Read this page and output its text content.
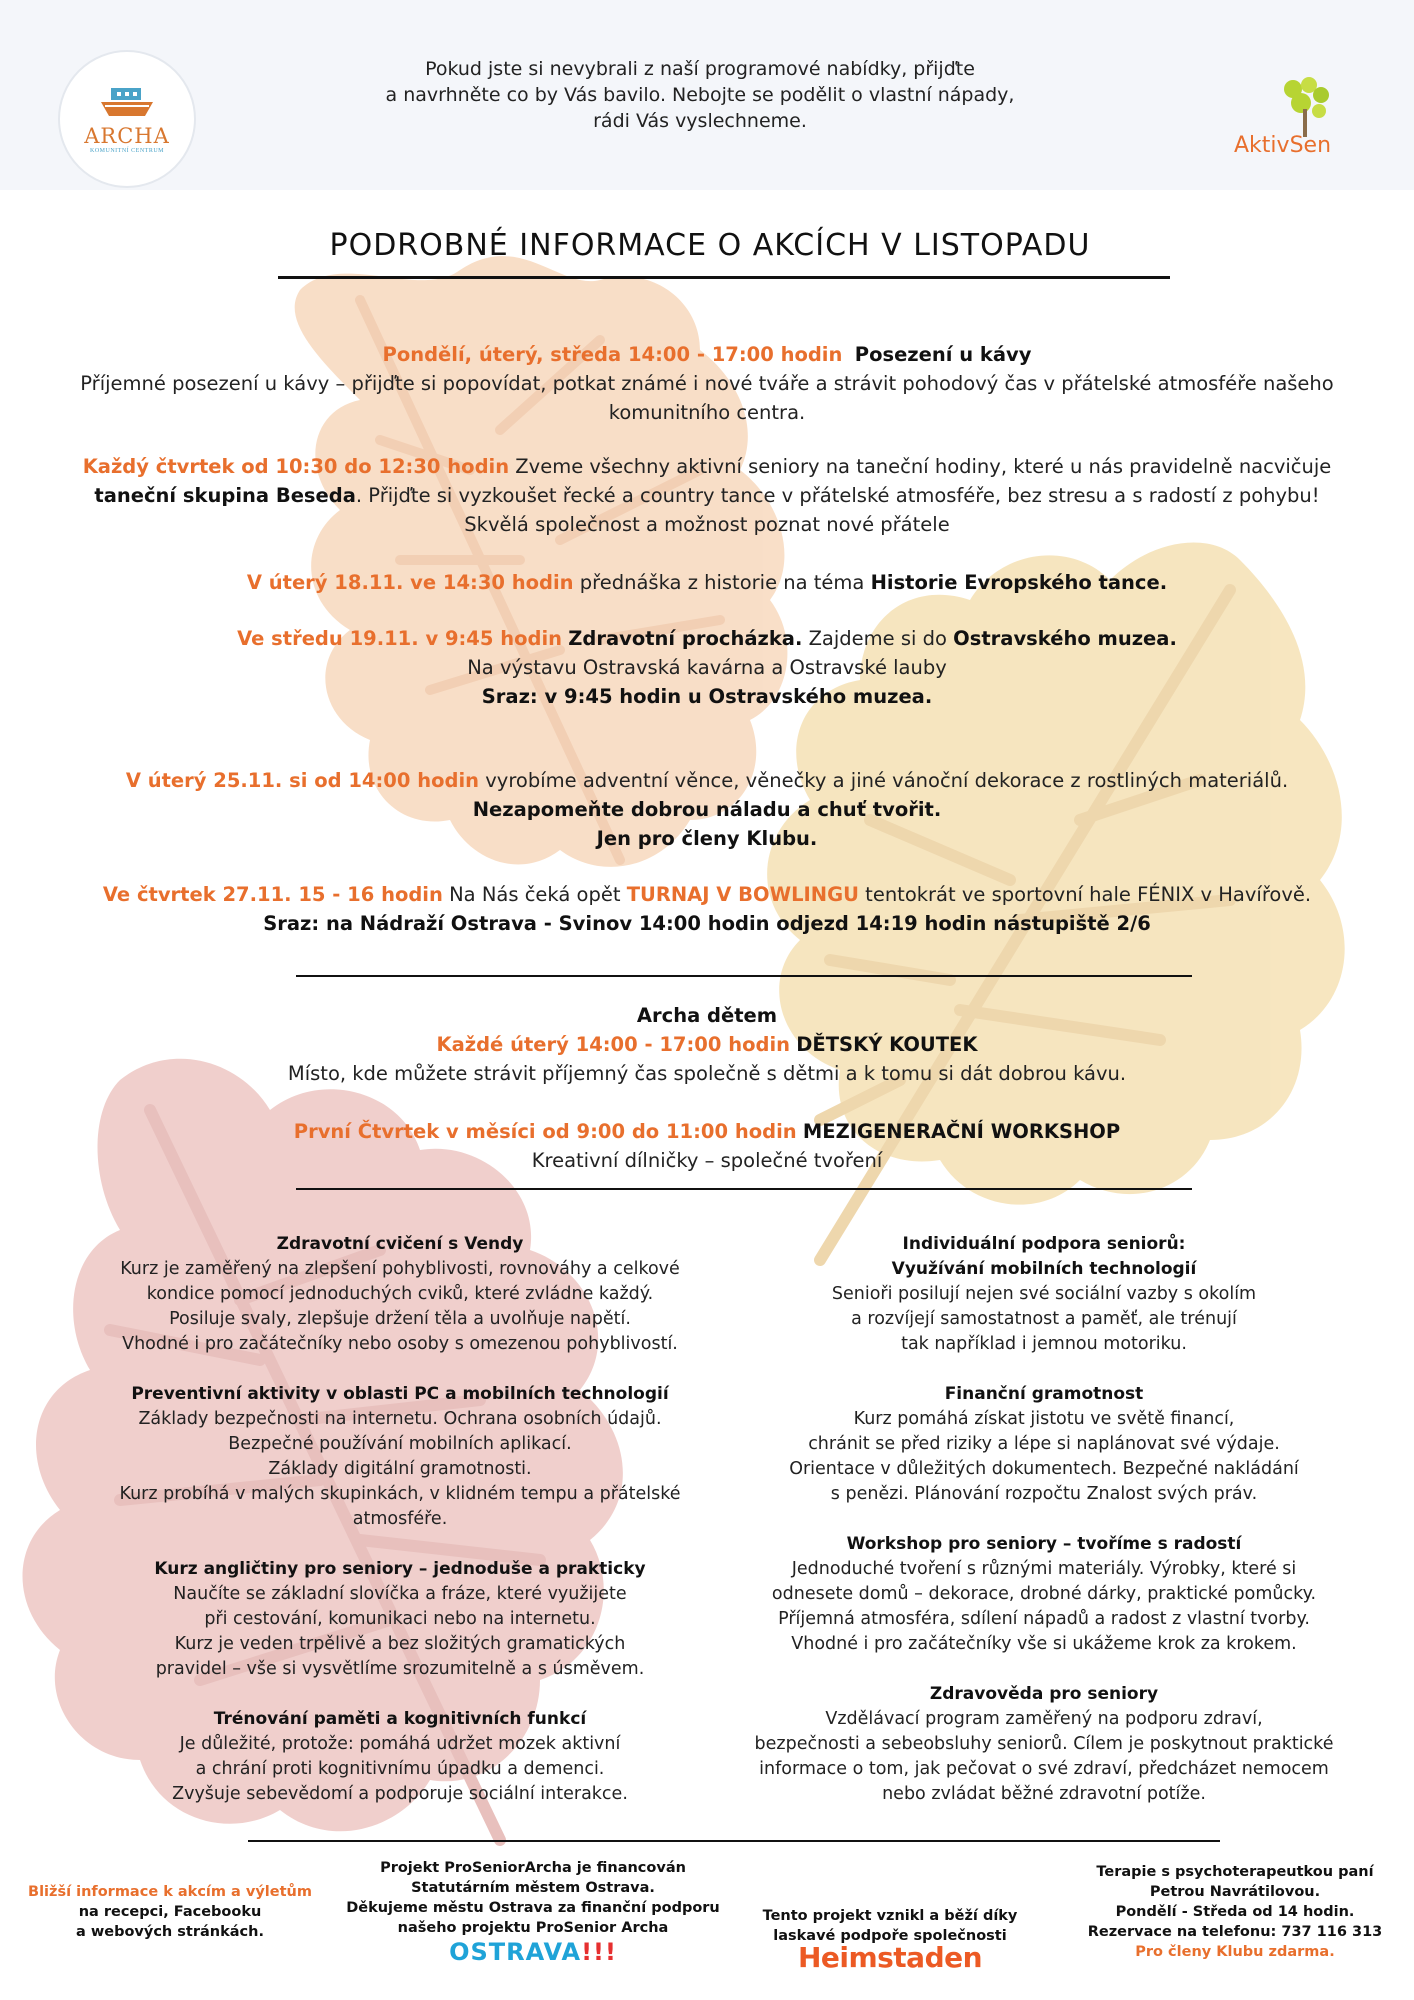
ARCHA
KOMUNITNÍ CENTRUM
Pokud jste si nevybrali z naší programové nabídky, přijďte
a navrhněte co by Vás bavilo. Nebojte se podělit o vlastní nápady,
rádi Vás vyslechneme.
AktivSen
PODROBNÉ INFORMACE O AKCÍCH V LISTOPADU
Pondělí, úterý, středa 14:00 - 17:00 hodin Posezení u kávy
Příjemné posezení u kávy – přijďte si popovídat, potkat známé i nové tváře a strávit pohodový čas v přátelské atmosféře našeho komunitního centra.
Každý čtvrtek od 10:30 do 12:30 hodin Zveme všechny aktivní seniory na taneční hodiny, které u nás pravidelně nacvičuje
taneční skupina Beseda. Přijďte si vyzkoušet řecké a country tance v přátelské atmosféře, bez stresu a s radostí z pohybu!
Skvělá společnost a možnost poznat nové přátele
V úterý 18.11. ve 14:30 hodin přednáška z historie na téma Historie Evropského tance.
Ve středu 19.11. v 9:45 hodin Zdravotní procházka. Zajdeme si do Ostravského muzea.
Na výstavu Ostravská kavárna a Ostravské lauby
Sraz: v 9:45 hodin u Ostravského muzea.
V úterý 25.11. si od 14:00 hodin vyrobíme adventní věnce, věnečky a jiné vánoční dekorace z rostliných materiálů.
Nezapomeňte dobrou náladu a chuť tvořit.
Jen pro členy Klubu.
Ve čtvrtek 27.11. 15 - 16 hodin Na Nás čeká opět TURNAJ V BOWLINGU tentokrát ve sportovní hale FÉNIX v Havířově.
Sraz: na Nádraží Ostrava - Svinov 14:00 hodin odjezd 14:19 hodin nástupiště 2/6
Archa dětem
Každé úterý 14:00 - 17:00 hodin DĚTSKÝ KOUTEK
Místo, kde můžete strávit příjemný čas společně s dětmi a k tomu si dát dobrou kávu.
První Čtvrtek v měsíci od 9:00 do 11:00 hodin MEZIGENERAČNÍ WORKSHOP
Kreativní dílničky – společné tvoření
Zdravotní cvičení s Vendy
Kurz je zaměřený na zlepšení pohyblivosti, rovnováhy a celkové
kondice pomocí jednoduchých cviků, které zvládne každý.
Posiluje svaly, zlepšuje držení těla a uvolňuje napětí.
Vhodné i pro začátečníky nebo osoby s omezenou pohyblivostí.
Preventivní aktivity v oblasti PC a mobilních technologií
Základy bezpečnosti na internetu. Ochrana osobních údajů.
Bezpečné používání mobilních aplikací.
Základy digitální gramotnosti.
Kurz probíhá v malých skupinkách, v klidném tempu a přátelské
atmosféře.
Kurz angličtiny pro seniory – jednoduše a prakticky
Naučíte se základní slovíčka a fráze, které využijete
při cestování, komunikaci nebo na internetu.
Kurz je veden trpělivě a bez složitých gramatických
pravidel – vše si vysvětlíme srozumitelně a s úsměvem.
Trénování paměti a kognitivních funkcí
Je důležité, protože: pomáhá udržet mozek aktivní
a chrání proti kognitivnímu úpadku a demenci.
Zvyšuje sebevědomí a podporuje sociální interakce.
Individuální podpora seniorů:
Využívání mobilních technologií
Senioři posilují nejen své sociální vazby s okolím
a rozvíjejí samostatnost a paměť, ale trénují
tak například i jemnou motoriku.
Finanční gramotnost
Kurz pomáhá získat jistotu ve světě financí,
chránit se před riziky a lépe si naplánovat své výdaje.
Orientace v důležitých dokumentech. Bezpečné nakládání
s penězi. Plánování rozpočtu Znalost svých práv.
Workshop pro seniory – tvoříme s radostí
Jednoduché tvoření s různými materiály. Výrobky, které si
odnesete domů – dekorace, drobné dárky, praktické pomůcky.
Příjemná atmosféra, sdílení nápadů a radost z vlastní tvorby.
Vhodné i pro začátečníky vše si ukážeme krok za krokem.
Zdravověda pro seniory
Vzdělávací program zaměřený na podporu zdraví,
bezpečnosti a sebeobsluhy seniorů. Cílem je poskytnout praktické
informace o tom, jak pečovat o své zdraví, předcházet nemocem
nebo zvládat běžné zdravotní potíže.
Bližší informace k akcím a výletům
na recepci, Facebooku
a webových stránkách.
Projekt ProSeniorArcha je financován
Statutárním městem Ostrava.
Děkujeme městu Ostrava za finanční podporu
našeho projektu ProSenior Archa
OSTRAVA!!!
Tento projekt vznikl a běží díky
laskavé podpoře společnosti
Heimstaden
Terapie s psychoterapeutkou paní
Petrou Navrátilovou.
Pondělí - Středa od 14 hodin.
Rezervace na telefonu: 737 116 313
Pro členy Klubu zdarma.
